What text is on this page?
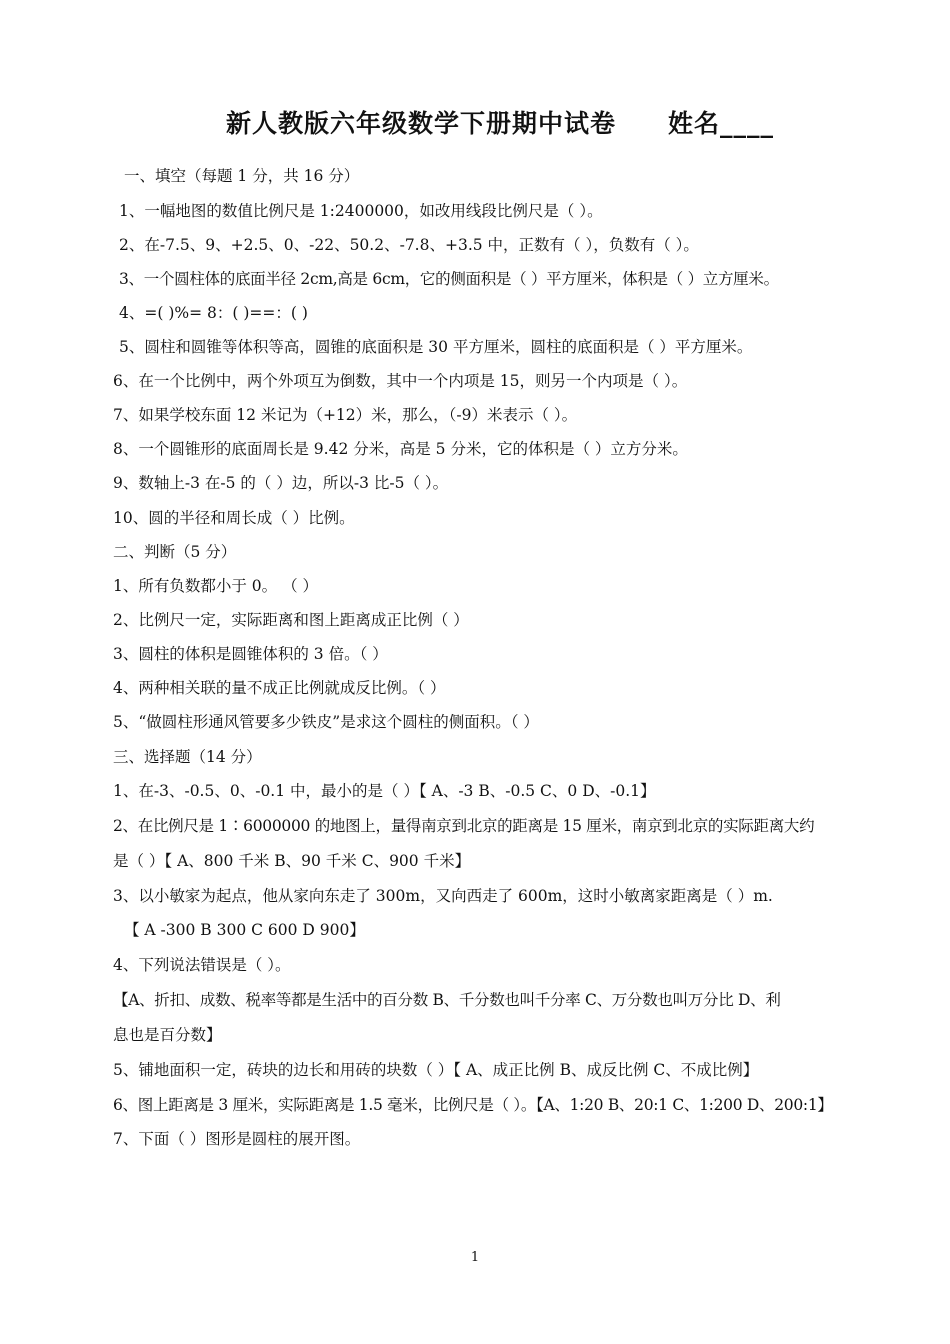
新人教版六年级数学下册期中试卷 姓名____
一、填空（每题 1 分，共 16 分）
1、一幅地图的数值比例尺是 1:2400000，如改用线段比例尺是（ ）。
2、在-7.5、9、+2.5、0、-22、50.2、-7.8、+3.5 中，正数有（ ），负数有（ ）。
3、一个圆柱体的底面半径 2cm,高是 6cm，它的侧面积是（ ）平方厘米，体积是（ ）立方厘米。
4、=( )%= 8：( )==：( )
5、圆柱和圆锥等体积等高，圆锥的底面积是 30 平方厘米，圆柱的底面积是（ ）平方厘米。
6、在一个比例中，两个外项互为倒数，其中一个内项是 15，则另一个内项是（ ）。
7、如果学校东面 12 米记为（+12）米，那么，（-9）米表示（ ）。
8、一个圆锥形的底面周长是 9.42 分米，高是 5 分米，它的体积是（ ）立方分米。
9、数轴上-3 在-5 的（ ）边，所以-3 比-5（ ）。
10、圆的半径和周长成（ ）比例。
二、判断（5 分）
1、所有负数都小于 0。 （ ）
2、比例尺一定，实际距离和图上距离成正比例（ ）
3、圆柱的体积是圆锥体积的 3 倍。（ ）
4、两种相关联的量不成正比例就成反比例。（ ）
5、“做圆柱形通风管要多少铁皮”是求这个圆柱的侧面积。（ ）
三、选择题（14 分）
1、在-3、-0.5、0、-0.1 中，最小的是（ ）【 A、-3 B、-0.5 C、0 D、-0.1】
2、在比例尺是 1∶6000000 的地图上，量得南京到北京的距离是 15 厘米，南京到北京的实际距离大约
是（ ）【 A、800 千米 B、90 千米 C、900 千米】
3、以小敏家为起点，他从家向东走了 300m，又向西走了 600m，这时小敏离家距离是（ ）m.
【 A -300 B 300 C 600 D 900】
4、下列说法错误是（ ）。
【A、折扣、成数、税率等都是生活中的百分数 B、千分数也叫千分率 C、万分数也叫万分比 D、利
息也是百分数】
5、铺地面积一定，砖块的边长和用砖的块数（ ）【 A、成正比例 B、成反比例 C、不成比例】
6、图上距离是 3 厘米，实际距离是 1.5 毫米，比例尺是（ ）。【A、1:20 B、20:1 C、1:200 D、200:1】
7、下面（ ）图形是圆柱的展开图。
1
